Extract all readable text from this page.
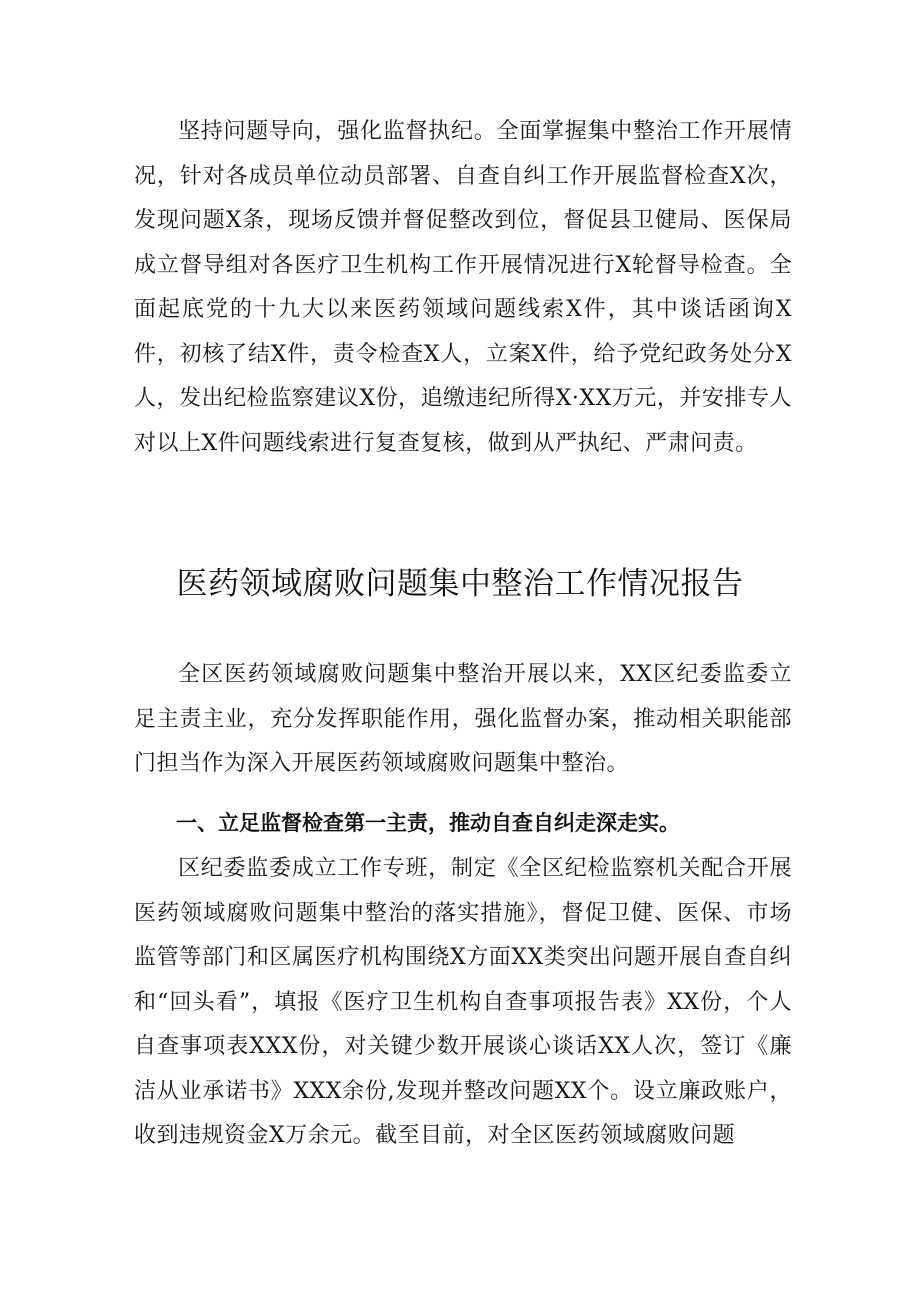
坚持问题导向，强化监督执纪。全面掌握集中整治工作开展情况，针对各成员单位动员部署、自查自纠工作开展监督检查X次，发现问题X条，现场反馈并督促整改到位，督促县卫健局、医保局成立督导组对各医疗卫生机构工作开展情况进行X轮督导检查。全面起底党的十九大以来医药领域问题线索X件，其中谈话函询X件，初核了结X件，责令检查X人，立案X件，给予党纪政务处分X人，发出纪检监察建议X份，追缴违纪所得X·XX万元，并安排专人对以上X件问题线索进行复查复核，做到从严执纪、严肃问责。

医药领域腐败问题集中整治工作情况报告

全区医药领域腐败问题集中整治开展以来，XX区纪委监委立足主责主业，充分发挥职能作用，强化监督办案，推动相关职能部门担当作为深入开展医药领域腐败问题集中整治。

一、立足监督检查第一主责，推动自查自纠走深走实。

区纪委监委成立工作专班，制定《全区纪检监察机关配合开展医药领域腐败问题集中整治的落实措施》，督促卫健、医保、市场监管等部门和区属医疗机构围绕X方面XX类突出问题开展自查自纠和“回头看”，填报《医疗卫生机构自查事项报告表》XX份，个人自查事项表XXX份，对关键少数开展谈心谈话XX人次，签订《廉洁从业承诺书》XXX余份,发现并整改问题XX个。设立廉政账户，收到违规资金X万余元。截至目前，对全区医药领域腐败问题
